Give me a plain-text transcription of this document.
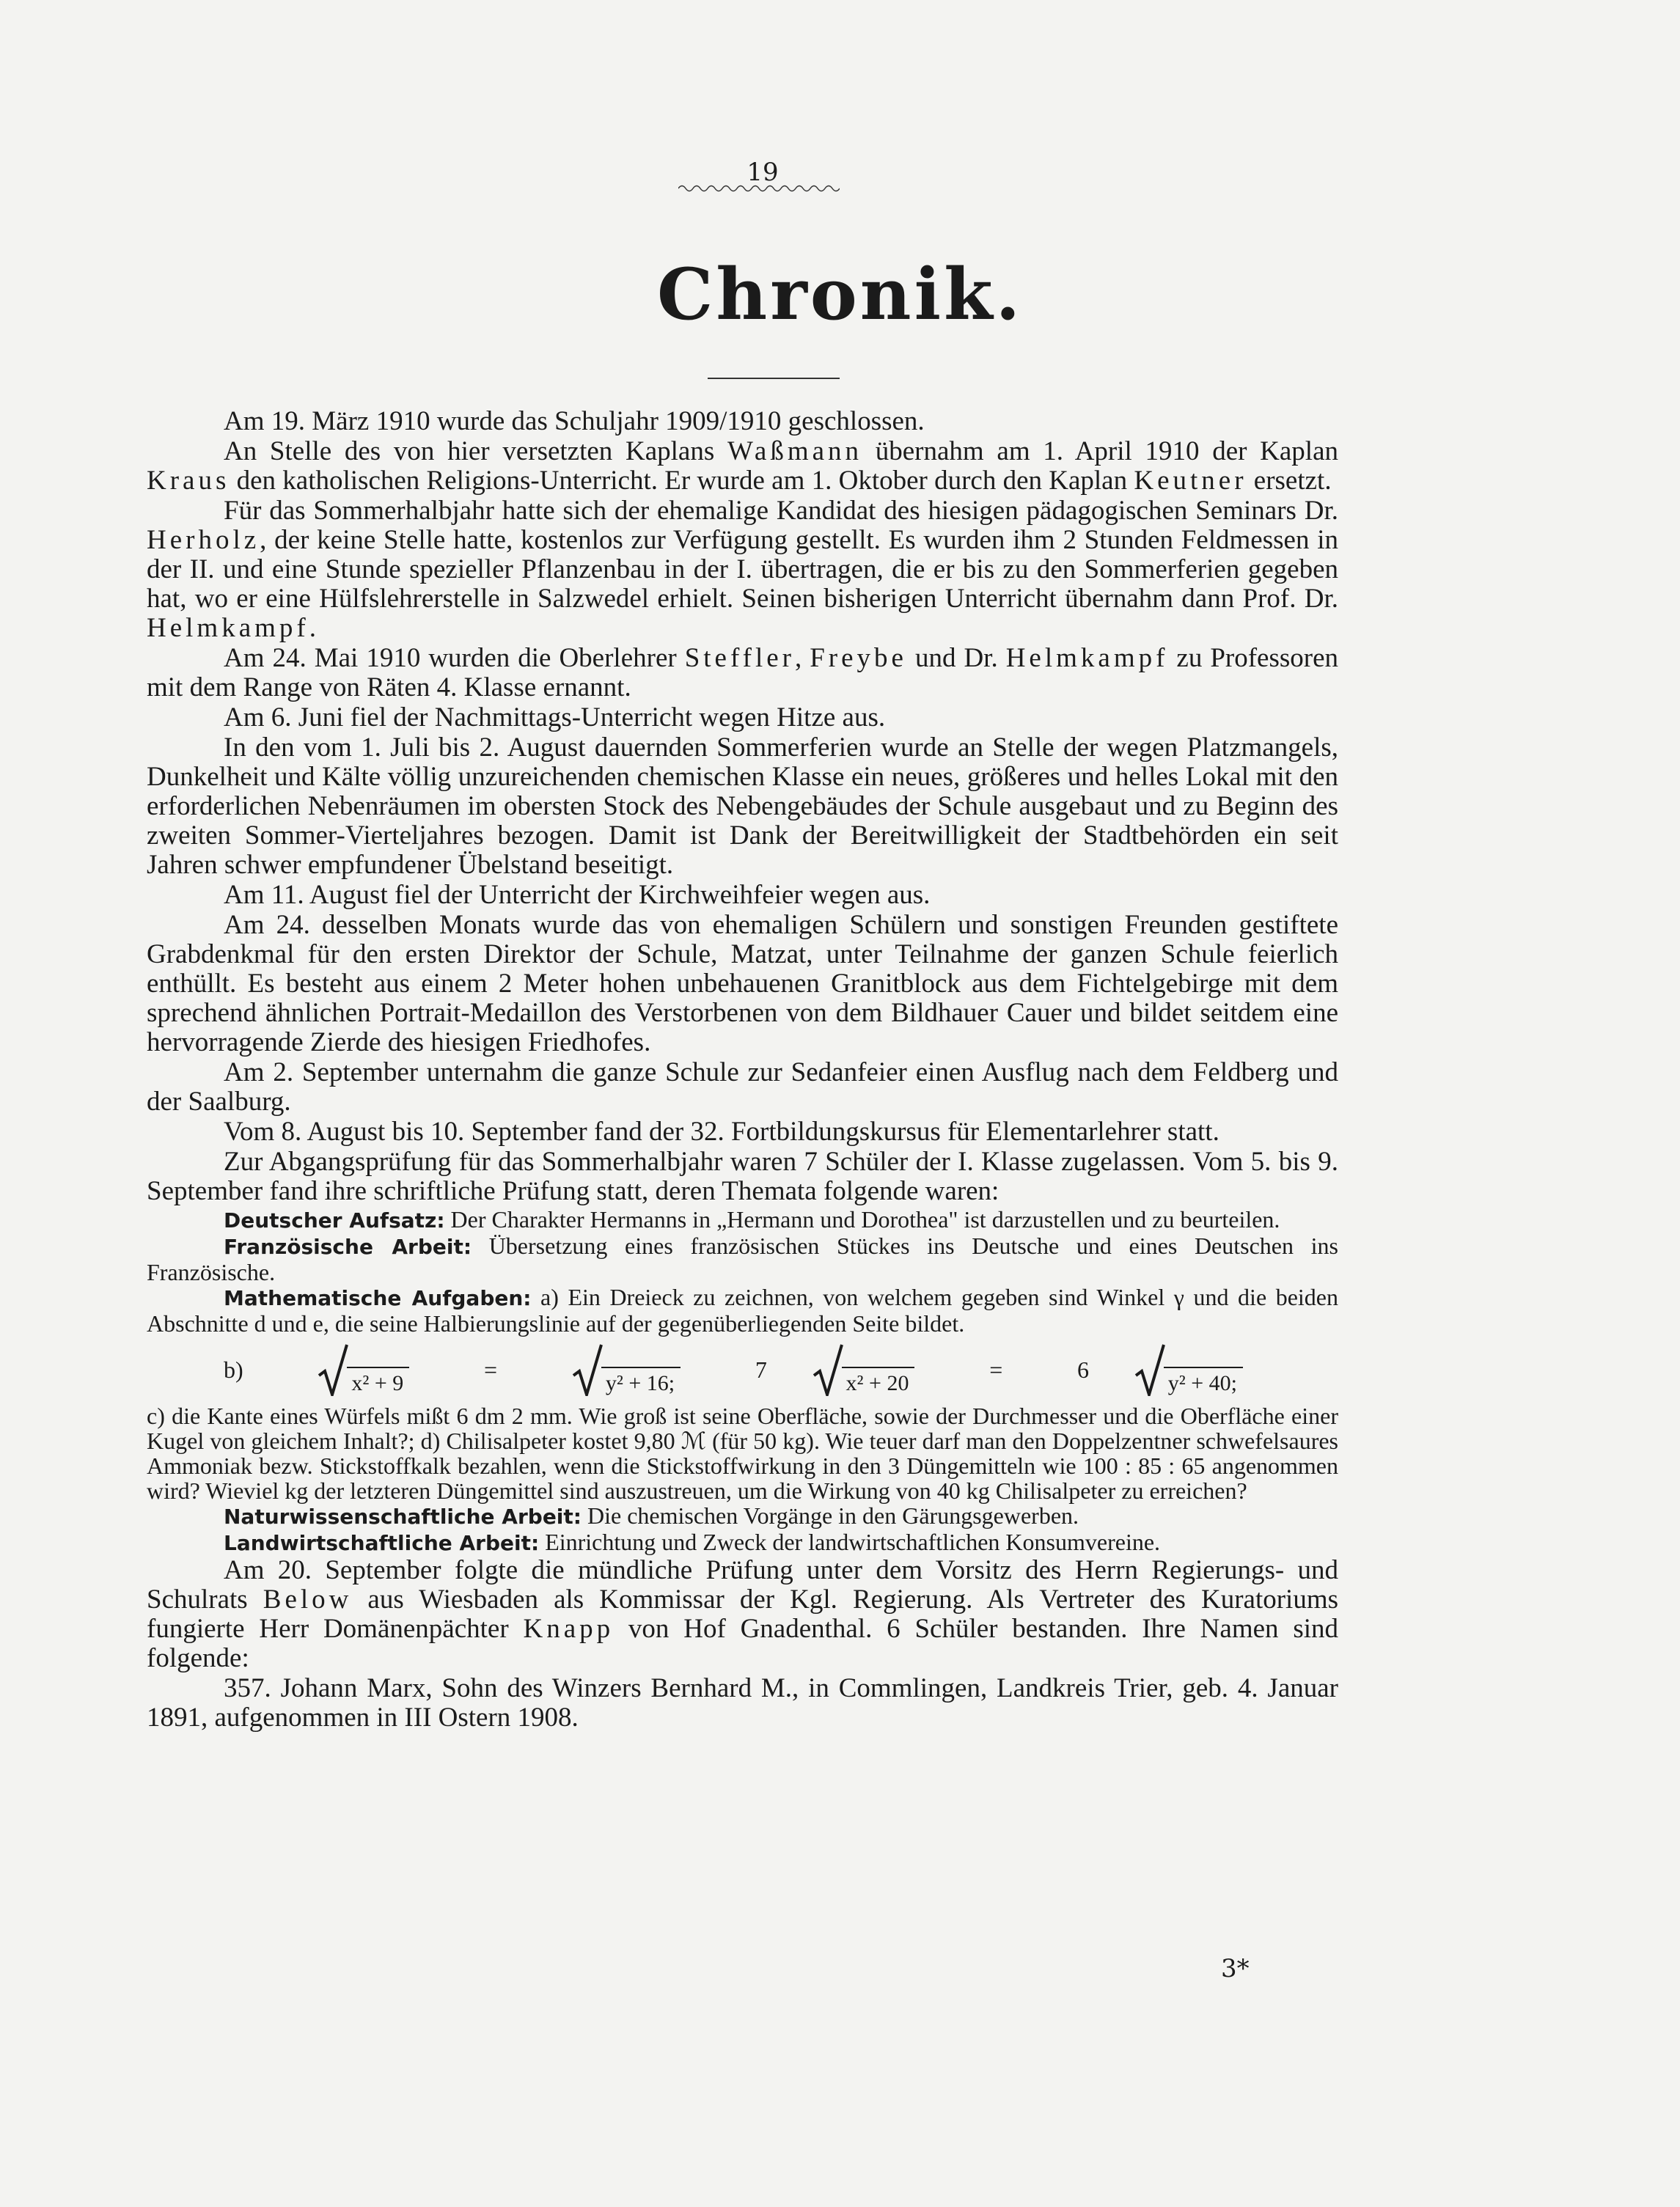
19
Chronik.

Am 19. März 1910 wurde das Schuljahr 1909/1910 geschlossen.

An Stelle des von hier versetzten Kaplans Waßmann übernahm am 1. April 1910 der Kaplan Kraus den katholischen Religions-Unterricht. Er wurde am 1. Oktober durch den Kaplan Keutner ersetzt.

Für das Sommerhalbjahr hatte sich der ehemalige Kandidat des hiesigen pädagogischen Seminars Dr. Herholz, der keine Stelle hatte, kostenlos zur Verfügung gestellt. Es wurden ihm 2 Stunden Feldmessen in der II. und eine Stunde spezieller Pflanzenbau in der I. übertragen, die er bis zu den Sommerferien gegeben hat, wo er eine Hülfslehrerstelle in Salzwedel erhielt. Seinen bisherigen Unterricht übernahm dann Prof. Dr. Helmkampf.

Am 24. Mai 1910 wurden die Oberlehrer Steffler, Freybe und Dr. Helmkampf zu Professoren mit dem Range von Räten 4. Klasse ernannt.

Am 6. Juni fiel der Nachmittags-Unterricht wegen Hitze aus.

In den vom 1. Juli bis 2. August dauernden Sommerferien wurde an Stelle der wegen Platzmangels, Dunkelheit und Kälte völlig unzureichenden chemischen Klasse ein neues, größeres und helles Lokal mit den erforderlichen Nebenräumen im obersten Stock des Nebengebäudes der Schule ausgebaut und zu Beginn des zweiten Sommer-Vierteljahres bezogen. Damit ist Dank der Bereitwilligkeit der Stadtbehörden ein seit Jahren schwer empfundener Übelstand beseitigt.

Am 11. August fiel der Unterricht der Kirchweihfeier wegen aus.

Am 24. desselben Monats wurde das von ehemaligen Schülern und sonstigen Freunden gestiftete Grabdenkmal für den ersten Direktor der Schule, Matzat, unter Teilnahme der ganzen Schule feierlich enthüllt. Es besteht aus einem 2 Meter hohen unbehauenen Granitblock aus dem Fichtelgebirge mit dem sprechend ähnlichen Portrait-Medaillon des Verstorbenen von dem Bildhauer Cauer und bildet seitdem eine hervorragende Zierde des hiesigen Friedhofes.

Am 2. September unternahm die ganze Schule zur Sedanfeier einen Ausflug nach dem Feldberg und der Saalburg.

Vom 8. August bis 10. September fand der 32. Fortbildungskursus für Elementarlehrer statt.

Zur Abgangsprüfung für das Sommerhalbjahr waren 7 Schüler der I. Klasse zugelassen. Vom 5. bis 9. September fand ihre schriftliche Prüfung statt, deren Themata folgende waren:

Deutscher Aufsatz: Der Charakter Hermanns in „Hermann und Dorothea" ist darzustellen und zu beurteilen.

Französische Arbeit: Übersetzung eines französischen Stückes ins Deutsche und eines Deutschen ins Französische.

Mathematische Aufgaben: a) Ein Dreieck zu zeichnen, von welchem gegeben sind Winkel γ und die beiden Abschnitte d und e, die seine Halbierungslinie auf der gegenüberliegenden Seite bildet.

b)
x² + 9
=
y² + 16;
7
x² + 20
=	6
y² + 40;

c) die Kante eines Würfels mißt 6 dm 2 mm. Wie groß ist seine Oberfläche, sowie der Durchmesser und die Oberfläche einer Kugel von gleichem Inhalt?; d) Chilisalpeter kostet 9,80 ℳ (für 50 kg). Wie teuer darf man den Doppelzentner schwefelsaures Ammoniak bezw. Stickstoffkalk bezahlen, wenn die Stickstoffwirkung in den 3 Düngemitteln wie 100 : 85 : 65 angenommen wird? Wieviel kg der letzteren Düngemittel sind auszustreuen, um die Wirkung von 40 kg Chilisalpeter zu erreichen?

Naturwissenschaftliche Arbeit: Die chemischen Vorgänge in den Gärungsgewerben.

Landwirtschaftliche Arbeit: Einrichtung und Zweck der landwirtschaftlichen Konsumvereine.

Am 20. September folgte die mündliche Prüfung unter dem Vorsitz des Herrn Regierungs- und Schulrats Below aus Wiesbaden als Kommissar der Kgl. Regierung. Als Vertreter des Kuratoriums fungierte Herr Domänenpächter Knapp von Hof Gnadenthal. 6 Schüler bestanden. Ihre Namen sind folgende:

357. Johann Marx, Sohn des Winzers Bernhard M., in Commlingen, Landkreis Trier, geb. 4. Januar 1891, aufgenommen in III Ostern 1908.

3*
